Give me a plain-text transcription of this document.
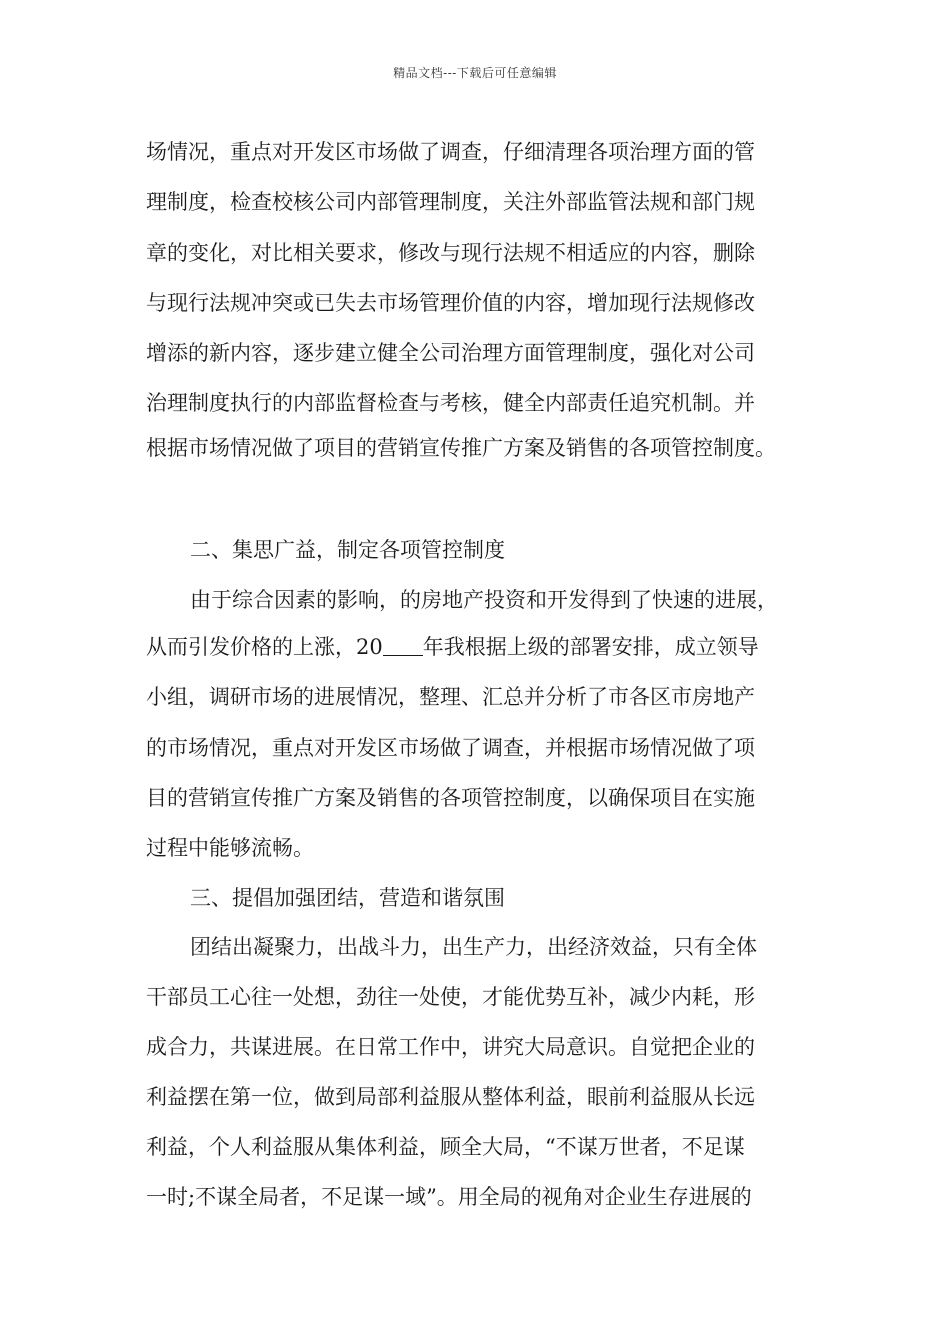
精品文档---下载后可任意编辑
场情况，重点对开发区市场做了调查，仔细清理各项治理方面的管
理制度，检查校核公司内部管理制度，关注外部监管法规和部门规
章的变化，对比相关要求，修改与现行法规不相适应的内容，删除
与现行法规冲突或已失去市场管理价值的内容，增加现行法规修改
增添的新内容，逐步建立健全公司治理方面管理制度，强化对公司
治理制度执行的内部监督检查与考核，健全内部责任追究机制。并
根据市场情况做了项目的营销宣传推广方案及销售的各项管控制度。
二、集思广益，制定各项管控制度
由于综合因素的影响，的房地产投资和开发得到了快速的进展，
从而引发价格的上涨，20 年我根据上级的部署安排，成立领导
小组，调研市场的进展情况，整理、汇总并分析了市各区市房地产
的市场情况，重点对开发区市场做了调查，并根据市场情况做了项
目的营销宣传推广方案及销售的各项管控制度，以确保项目在实施
过程中能够流畅。
三、提倡加强团结，营造和谐氛围
团结出凝聚力，出战斗力，出生产力，出经济效益，只有全体
干部员工心往一处想，劲往一处使，才能优势互补，减少内耗，形
成合力，共谋进展。在日常工作中，讲究大局意识。自觉把企业的
利益摆在第一位，做到局部利益服从整体利益，眼前利益服从长远
利益，个人利益服从集体利益，顾全大局，“不谋万世者，不足谋
一时;不谋全局者，不足谋一域”。用全局的视角对企业生存进展的
